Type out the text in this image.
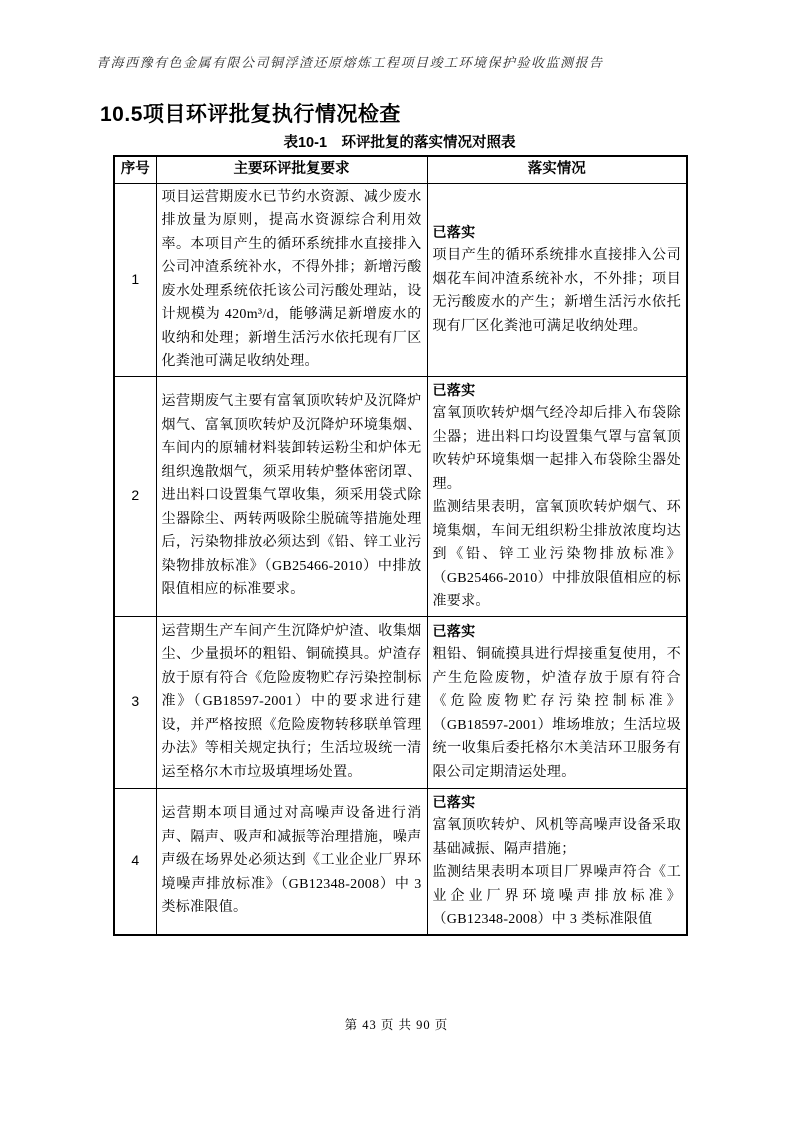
青海西豫有色金属有限公司铜浮渣还原熔炼工程项目竣工环境保护验收监测报告
10.5项目环评批复执行情况检查
表10-1　环评批复的落实情况对照表
序号	主要环评批复要求	落实情况
1	项目运营期废水已节约水资源、减少废水排放量为原则，提高水资源综合利用效率。本项目产生的循环系统排水直接排入公司冲渣系统补水，不得外排；新增污酸废水处理系统依托该公司污酸处理站，设计规模为 420m³/d，能够满足新增废水的收纳和处理；新增生活污水依托现有厂区化粪池可满足收纳处理。	已落实
项目产生的循环系统排水直接排入公司烟花车间冲渣系统补水，不外排；项目无污酸废水的产生；新增生活污水依托现有厂区化粪池可满足收纳处理。

2	运营期废气主要有富氧顶吹转炉及沉降炉烟气、富氧顶吹转炉及沉降炉环境集烟、车间内的原辅材料装卸转运粉尘和炉体无组织逸散烟气，须采用转炉整体密闭罩、进出料口设置集气罩收集，须采用袋式除尘器除尘、两转两吸除尘脱硫等措施处理后，污染物排放必须达到《铅、锌工业污染物排放标准》（GB25466-2010）中排放限值相应的标准要求。	已落实
富氧顶吹转炉烟气经冷却后排入布袋除尘器；进出料口均设置集气罩与富氧顶吹转炉环境集烟一起排入布袋除尘器处理。
监测结果表明，富氧顶吹转炉烟气、环境集烟，车间无组织粉尘排放浓度均达到《铅、锌工业污染物排放标准》（GB25466-2010）中排放限值相应的标准要求。

3	运营期生产车间产生沉降炉炉渣、收集烟尘、少量损坏的粗铅、铜硫摸具。炉渣存放于原有符合《危险废物贮存污染控制标准》（GB18597-2001）中的要求进行建设，并严格按照《危险废物转移联单管理办法》等相关规定执行；生活垃圾统一清运至格尔木市垃圾填埋场处置。	已落实
粗铅、铜硫摸具进行焊接重复使用，不产生危险废物，炉渣存放于原有符合《危险废物贮存污染控制标准》（GB18597-2001）堆场堆放；生活垃圾统一收集后委托格尔木美洁环卫服务有限公司定期清运处理。

4	运营期本项目通过对高噪声设备进行消声、隔声、吸声和减振等治理措施，噪声声级在场界处必须达到《工业企业厂界环境噪声排放标准》（GB12348-2008）中 3 类标准限值。	已落实
富氧顶吹转炉、风机等高噪声设备采取基础减振、隔声措施；
监测结果表明本项目厂界噪声符合《工业企业厂界环境噪声排放标准》（GB12348-2008）中 3 类标准限值
第 43 页 共 90 页
